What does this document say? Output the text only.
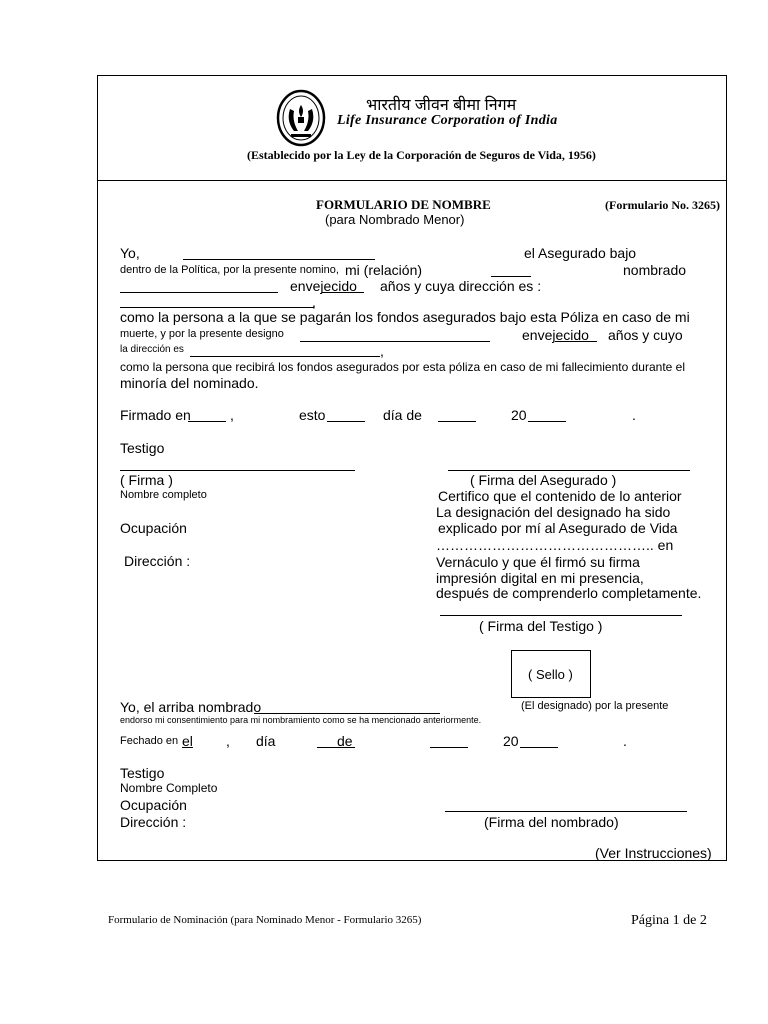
भारतीय जीवन बीमा निगम
Life Insurance Corporation of India
(Establecido por la Ley de la Corporación de Seguros de Vida, 1956)
FORMULARIO DE NOMBRE
(para Nombrado Menor)
(Formulario No. 3265)
Yo,	el Asegurado bajo
dentro de la Política, por la presente nomino, mi (relación)	nombrado
envejecido años y cuya dirección es :
,
como la persona a la que se pagarán los fondos asegurados bajo esta Póliza en caso de mi
muerte, y por la presente designo	envejecido años y cuyo
la dirección es	,
como la persona que recibirá los fondos asegurados por esta póliza en caso de mi fallecimiento durante el
minoría del nominado.
Firmado en	,	esto	día de	20	.
Testigo
( Firma )	( Firma del Asegurado )
Nombre completo
Ocupación
Dirección :
Certifico que el contenido de lo anterior
La designación del designado ha sido
explicado por mí al Asegurado de Vida
……………………………………….. en
Vernáculo y que él firmó su firma
impresión digital en mi presencia,
después de comprenderlo completamente.
( Firma del Testigo )
( Sello )
Yo, el arriba nombrado	(El designado) por la presente
endorso mi consentimiento para mi nombramiento como se ha mencionado anteriormente.
Fechado en el	, día	de	20	.
Testigo
Nombre Completo
Ocupación
Dirección :	(Firma del nombrado)
(Ver Instrucciones)
Formulario de Nominación (para Nominado Menor - Formulario 3265)	Página 1 de 2
